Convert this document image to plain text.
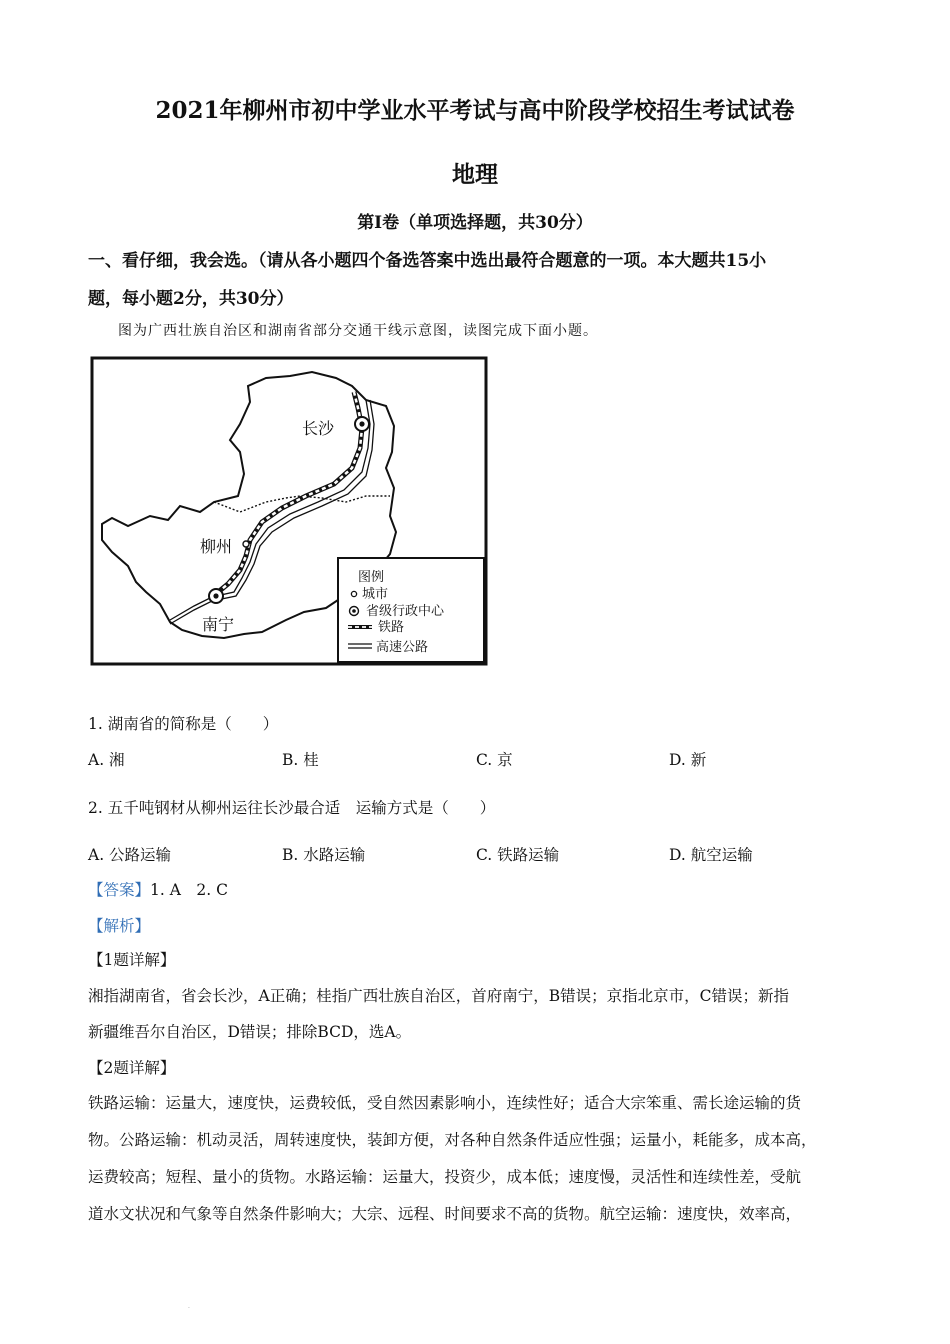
2021年柳州市初中学业水平考试与高中阶段学校招生考试试卷
地理
第Ⅰ卷（单项选择题，共30分）
一、看仔细，我会选。（请从各小题四个备选答案中选出最符合题意的一项。本大题共15小
题，每小题2分，共30分）
图为广西壮族自治区和湖南省部分交通干线示意图，读图完成下面小题。
长沙
柳州
南宁
图例
城市
省级行政中心
铁路
高速公路
1. 湖南省的简称是（　　）
A. 湘	B. 桂	C. 京	D. 新
2. 五千吨钢材从柳州运往长沙最合适　运输方式是（　　）
A. 公路运输	B. 水路运输	C. 铁路运输	D. 航空运输
【答案】1. A　2. C
【解析】
【1题详解】
湘指湖南省，省会长沙，A正确；桂指广西壮族自治区，首府南宁，B错误；京指北京市，C错误；新指
新疆维吾尔自治区，D错误；排除BCD，选A。
【2题详解】
铁路运输：运量大，速度快，运费较低，受自然因素影响小，连续性好；适合大宗笨重、需长途运输的货
物。公路运输：机动灵活，周转速度快，装卸方便，对各种自然条件适应性强；运量小，耗能多，成本高，
运费较高；短程、量小的货物。水路运输：运量大，投资少，成本低；速度慢，灵活性和连续性差，受航
道水文状况和气象等自然条件影响大；大宗、远程、时间要求不高的货物。航空运输：速度快，效率高，
·
